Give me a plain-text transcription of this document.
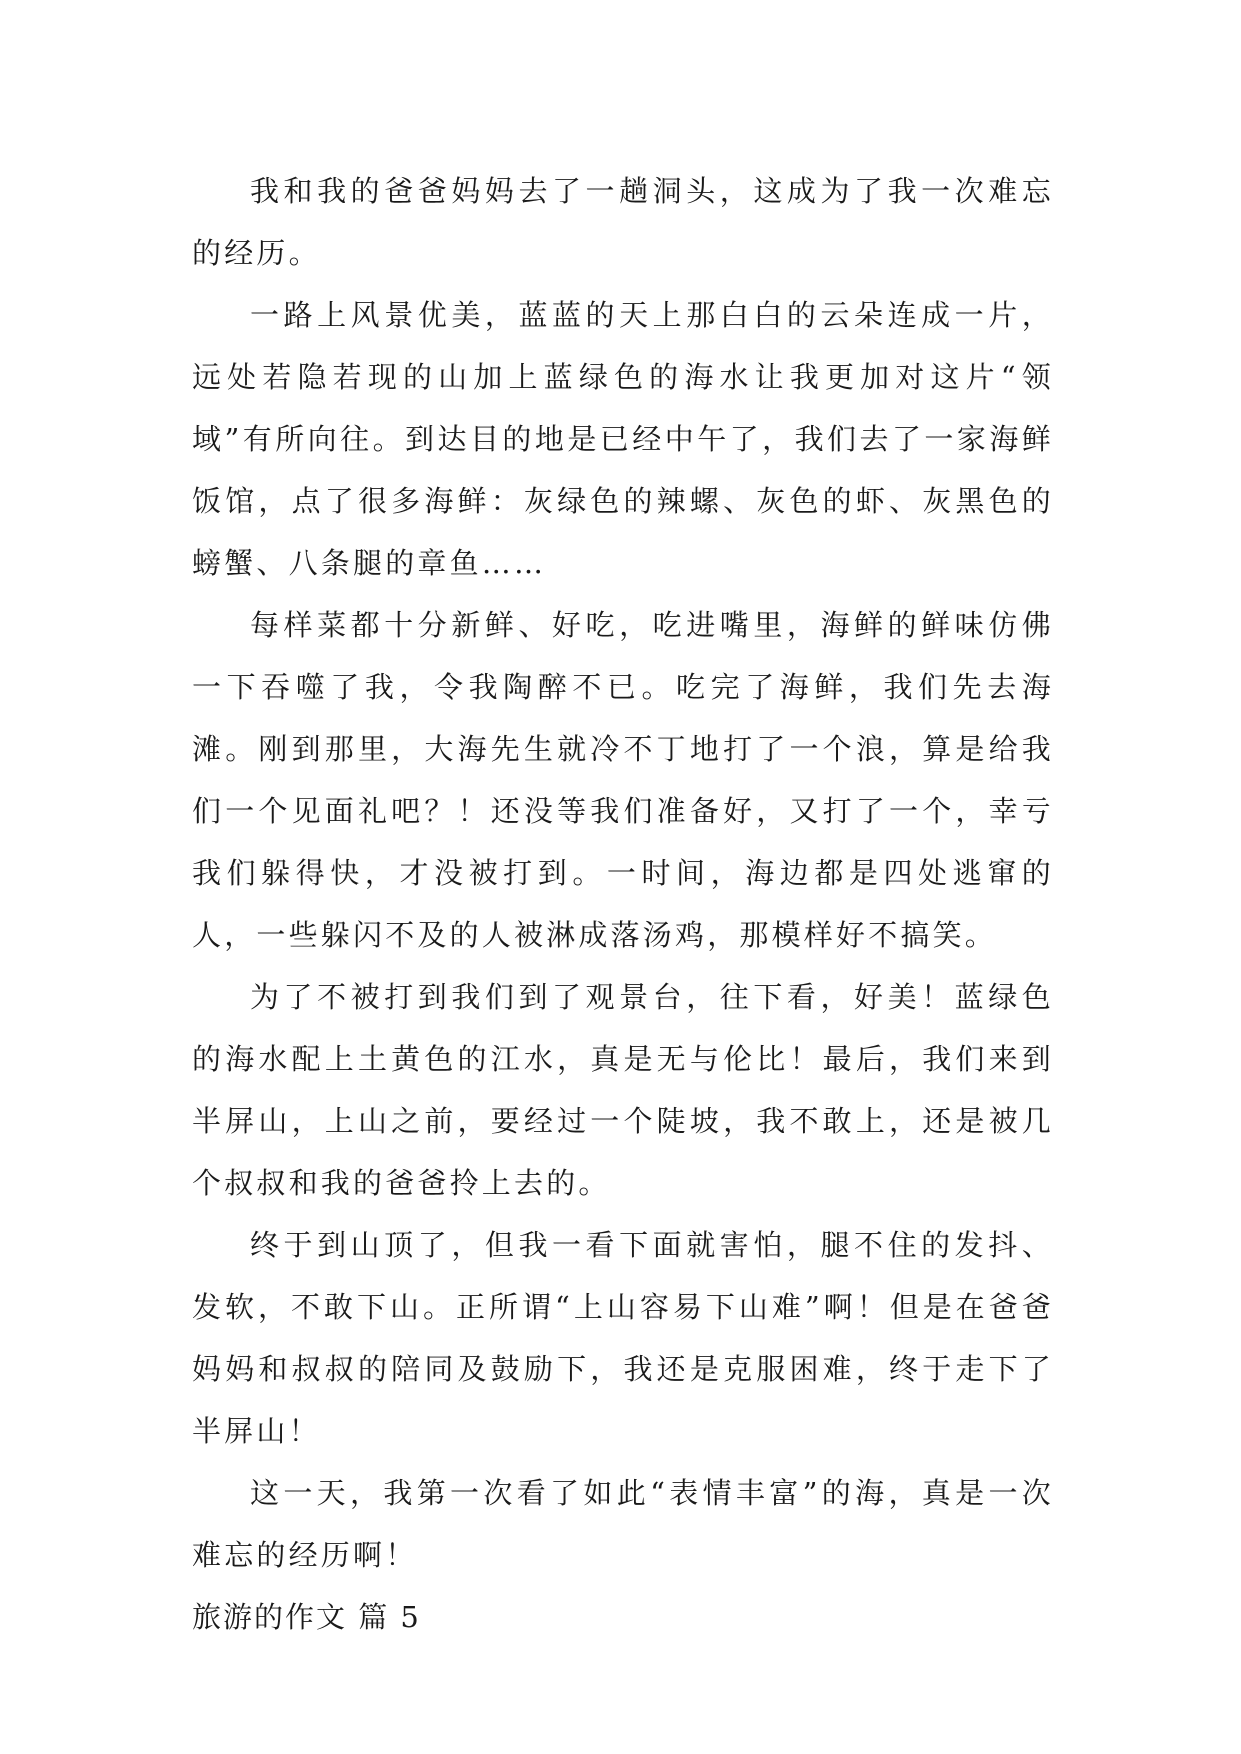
我和我的爸爸妈妈去了一趟洞头，这成为了我一次难忘的经历。

一路上风景优美，蓝蓝的天上那白白的云朵连成一片，远处若隐若现的山加上蓝绿色的海水让我更加对这片“领域”有所向往。到达目的地是已经中午了，我们去了一家海鲜饭馆，点了很多海鲜：灰绿色的辣螺、灰色的虾、灰黑色的螃蟹、八条腿的章鱼……

每样菜都十分新鲜、好吃，吃进嘴里，海鲜的鲜味仿佛一下吞噬了我，令我陶醉不已。吃完了海鲜，我们先去海滩。刚到那里，大海先生就冷不丁地打了一个浪，算是给我们一个见面礼吧？！还没等我们准备好，又打了一个，幸亏我们躲得快，才没被打到。一时间，海边都是四处逃窜的人，一些躲闪不及的人被淋成落汤鸡，那模样好不搞笑。

为了不被打到我们到了观景台，往下看，好美！蓝绿色的海水配上土黄色的江水，真是无与伦比！最后，我们来到半屏山，上山之前，要经过一个陡坡，我不敢上，还是被几个叔叔和我的爸爸拎上去的。

终于到山顶了，但我一看下面就害怕，腿不住的发抖、发软，不敢下山。正所谓“上山容易下山难”啊！但是在爸爸妈妈和叔叔的陪同及鼓励下，我还是克服困难，终于走下了半屏山！

这一天，我第一次看了如此“表情丰富”的海，真是一次难忘的经历啊！

旅游的作文 篇 5
